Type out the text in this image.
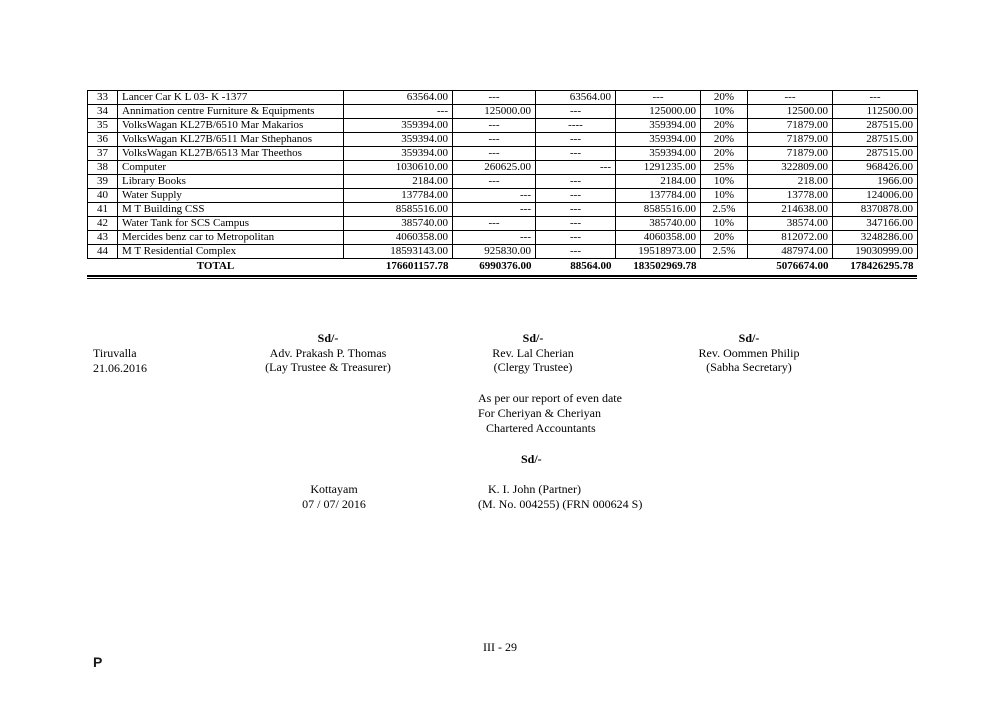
33	Lancer Car K L 03- K -1377	63564.00	---	63564.00	---	20%	---	---
34	Annimation centre Furniture & Equipments	---	125000.00	---	125000.00	10%	12500.00	112500.00
35	VolksWagan KL27B/6510 Mar Makarios	359394.00	---	----	359394.00	20%	71879.00	287515.00
36	VolksWagan KL27B/6511 Mar Sthephanos	359394.00	---	---	359394.00	20%	71879.00	287515.00
37	VolksWagan KL27B/6513 Mar Theethos	359394.00	---	---	359394.00	20%	71879.00	287515.00
38	Computer	1030610.00	260625.00	---	1291235.00	25%	322809.00	968426.00
39	Library Books	2184.00	---	---	2184.00	10%	218.00	1966.00
40	Water Supply	137784.00	---	---	137784.00	10%	13778.00	124006.00
41	M T Building CSS	8585516.00	---	---	8585516.00	2.5%	214638.00	8370878.00
42	Water Tank for SCS Campus	385740.00	---	---	385740.00	10%	38574.00	347166.00
43	Mercides benz car to Metropolitan	4060358.00	---	---	4060358.00	20%	812072.00	3248286.00
44	M T Residential Complex	18593143.00	925830.00	---	19518973.00	2.5%	487974.00	19030999.00
TOTAL		176601157.78	6990376.00	88564.00	183502969.78		5076674.00	178426295.78
Sd/-
Adv. Prakash P. Thomas
(Lay Trustee & Treasurer)
Sd/-
Rev. Lal Cherian
(Clergy Trustee)
Sd/-
Rev. Oommen Philip
(Sabha Secretary)
Tiruvalla
21.06.2016
As per our report of even date
For Cheriyan & Cheriyan
Chartered Accountants
Sd/-
Kottayam
07 / 07/ 2016
K. I. John (Partner)
(M. No. 004255) (FRN 000624 S)
III - 29
P
